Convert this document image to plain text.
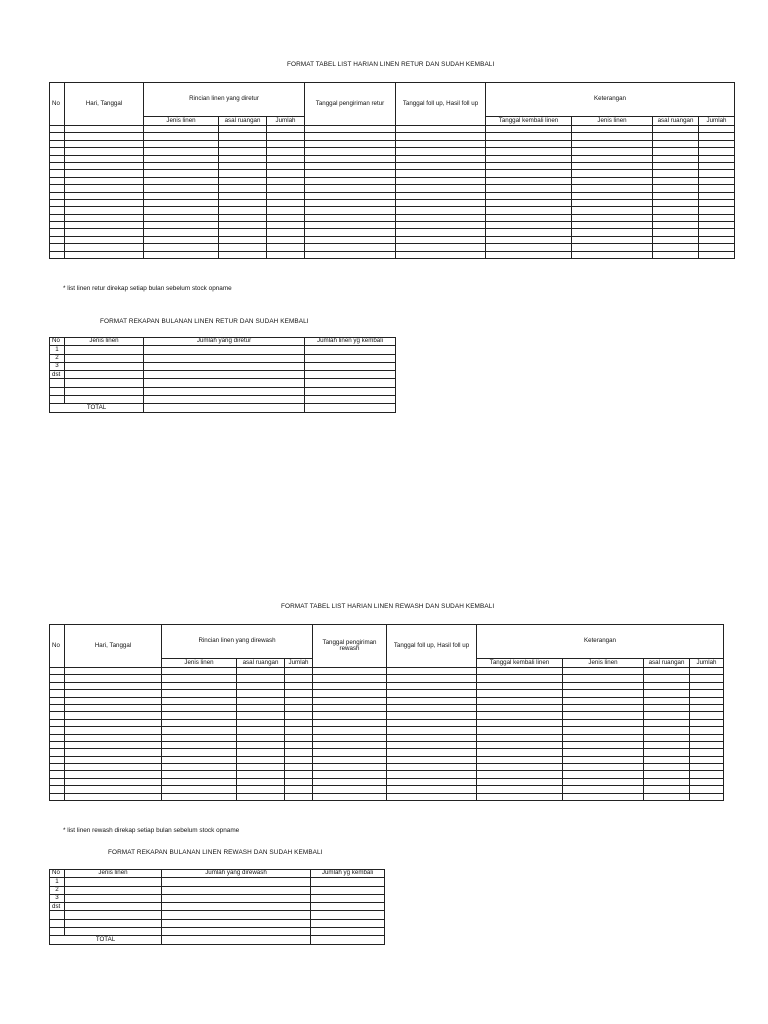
FORMAT TABEL LIST HARIAN LINEN RETUR DAN SUDAH KEMBALI
No	Hari, Tanggal	Rincian linen yang diretur			Tanggal pengiriman retur	Tanggal foll up, Hasil foll up	Keterangan			
		Jenis linen	asal ruangan	Jumlah			Tanggal kembali linen	Jenis linen	asal ruangan	Jumlah

* list linen retur direkap setiap bulan sebelum stock opname
FORMAT REKAPAN BULANAN LINEN RETUR DAN SUDAH KEMBALI
No	Jenis linen	Jumlah yang diretur	Jumlah linen yg kembali
1			
2			
3			
dst			

TOTAL			
FORMAT TABEL LIST HARIAN LINEN REWASH DAN SUDAH KEMBALI
No	Hari, Tanggal	Rincian linen yang direwash			Tanggal pengiriman rewash	Tanggal foll up, Hasil foll up	Keterangan			
		Jenis linen	asal ruangan	Jumlah			Tanggal kembali linen	Jenis linen	asal ruangan	Jumlah

* list linen rewash direkap setiap bulan sebelum stock opname
FORMAT REKAPAN BULANAN LINEN REWASH DAN SUDAH KEMBALI
No	Jenis linen	Jumlah yang direwash	Jumlah yg kembali
1			
2			
3			
dst			

TOTAL			
